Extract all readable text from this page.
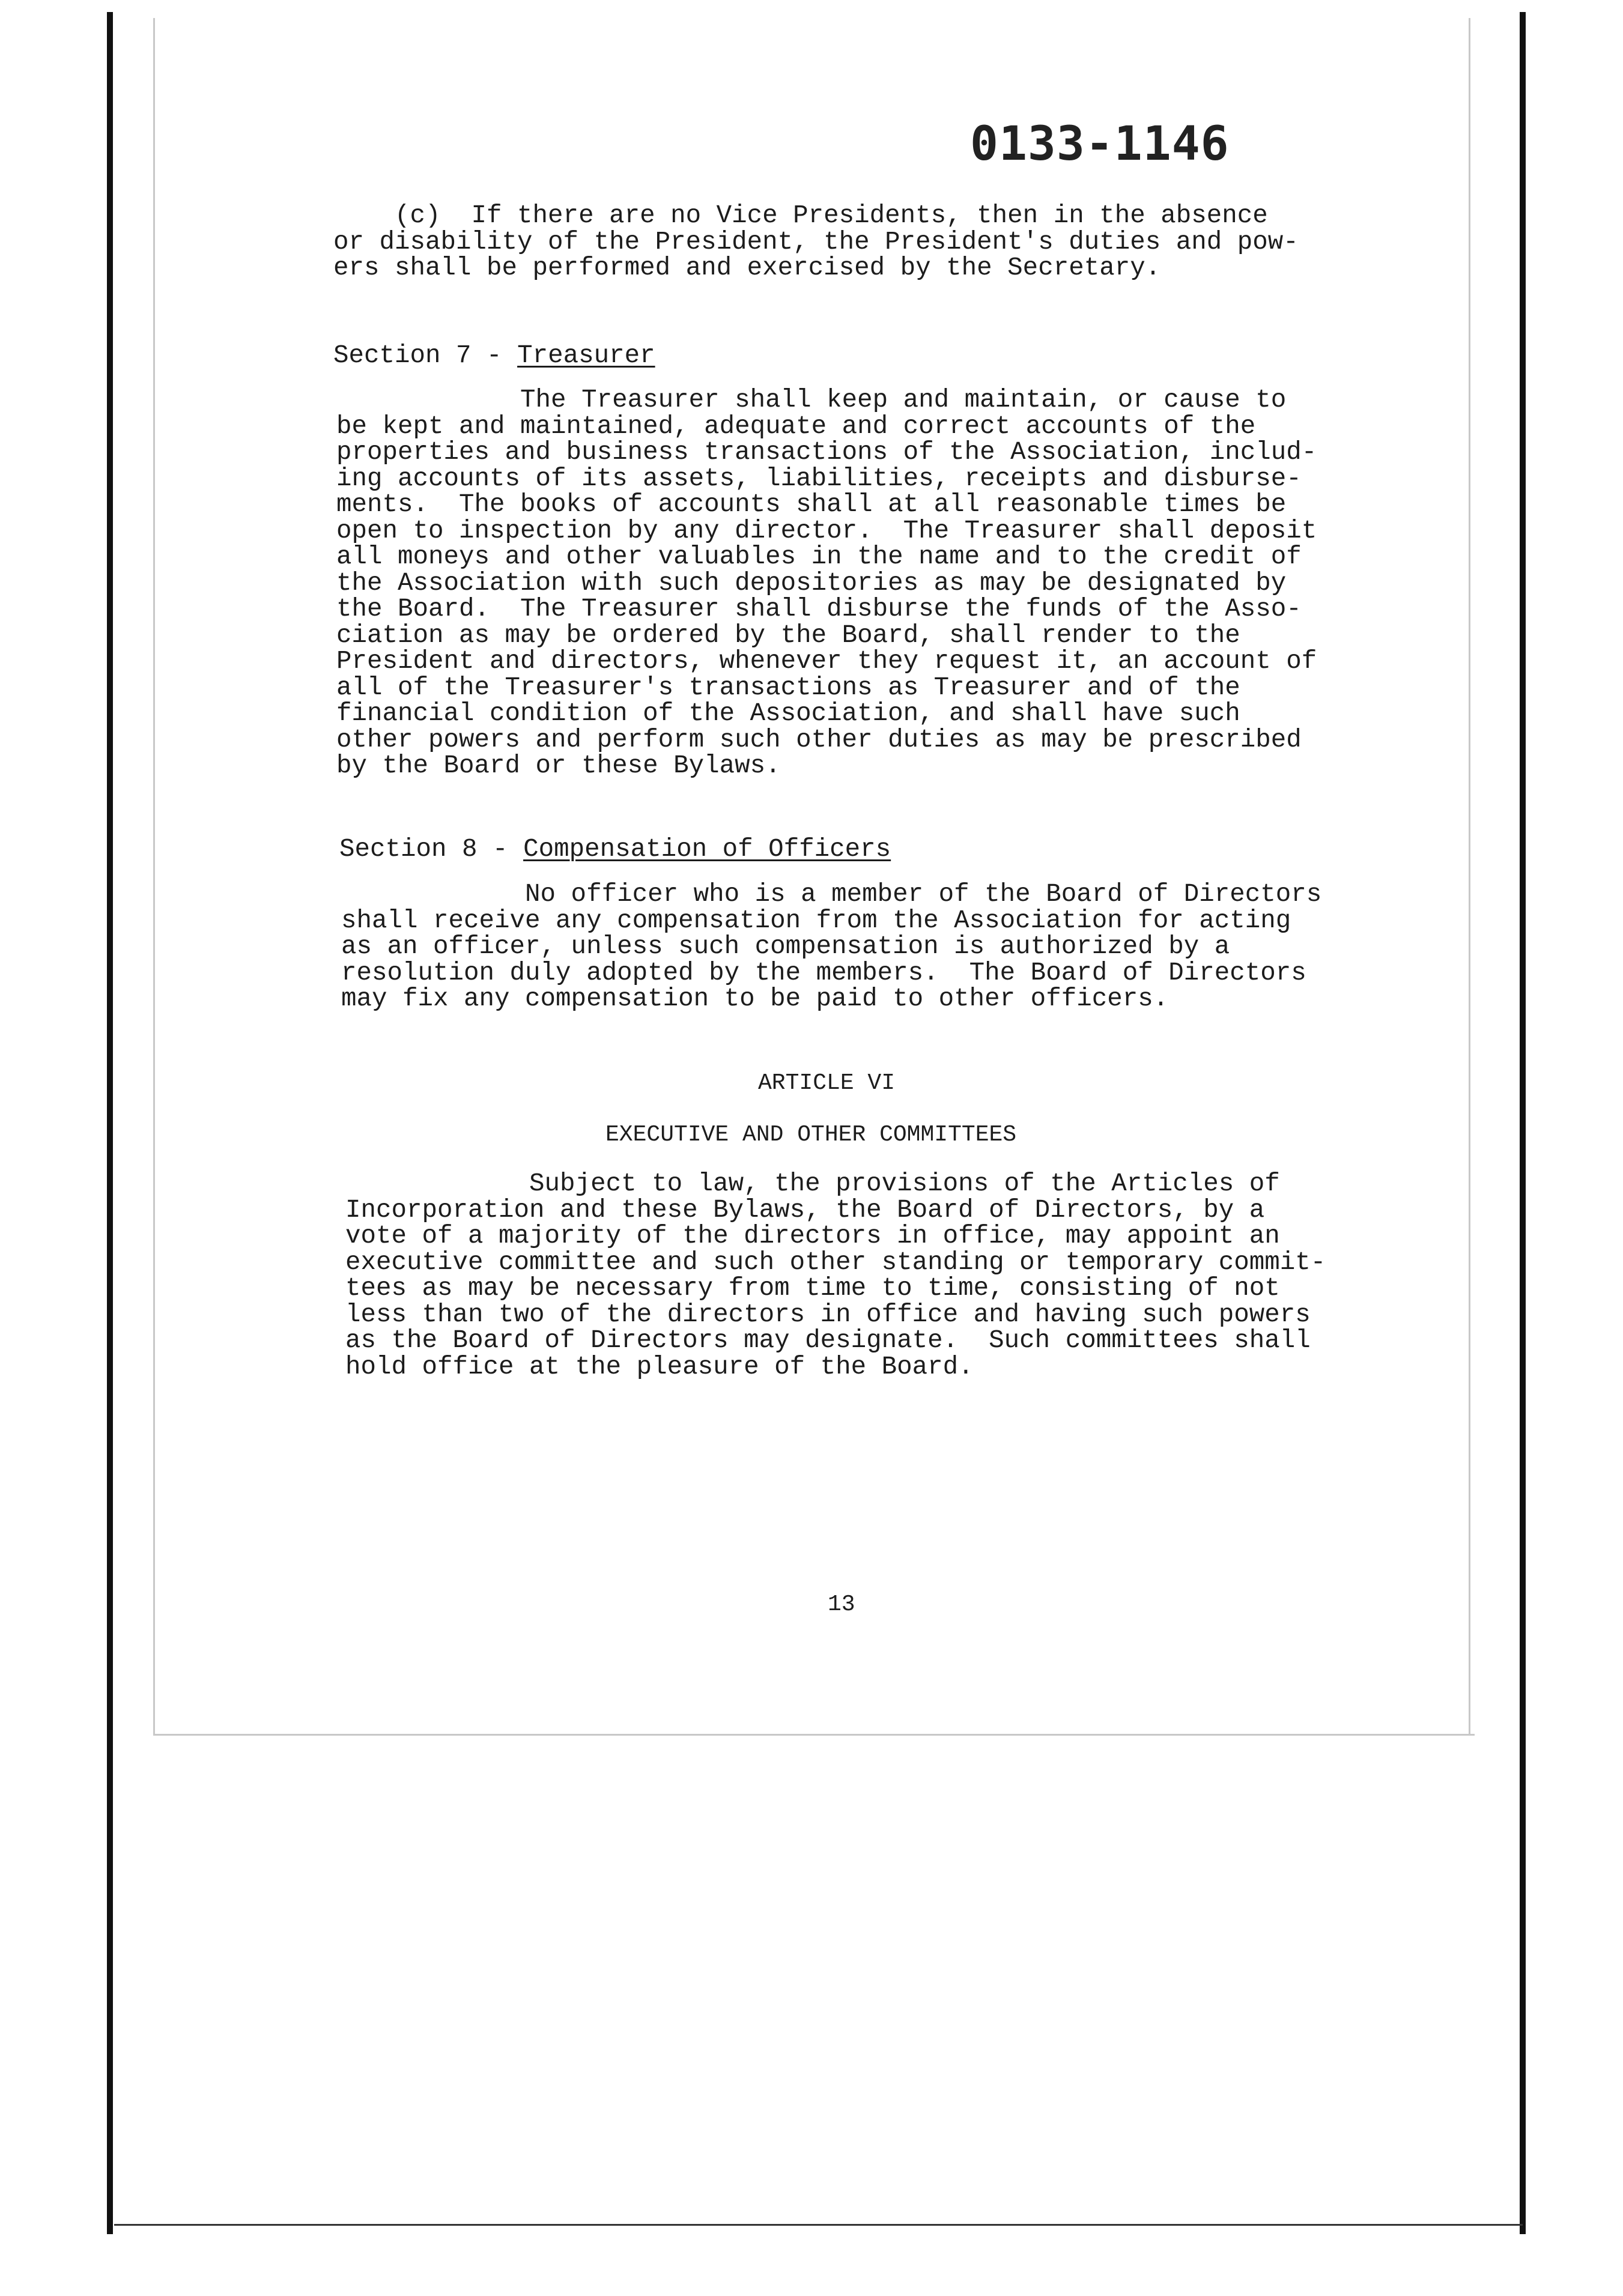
0133-1146
(c)  If there are no Vice Presidents, then in the absence
or disability of the President, the President's duties and pow-
ers shall be performed and exercised by the Secretary.
Section 7 - Treasurer
The Treasurer shall keep and maintain, or cause to
be kept and maintained, adequate and correct accounts of the
properties and business transactions of the Association, includ-
ing accounts of its assets, liabilities, receipts and disburse-
ments.  The books of accounts shall at all reasonable times be
open to inspection by any director.  The Treasurer shall deposit
all moneys and other valuables in the name and to the credit of
the Association with such depositories as may be designated by
the Board.  The Treasurer shall disburse the funds of the Asso-
ciation as may be ordered by the Board, shall render to the
President and directors, whenever they request it, an account of
all of the Treasurer's transactions as Treasurer and of the
financial condition of the Association, and shall have such
other powers and perform such other duties as may be prescribed
by the Board or these Bylaws.
Section 8 - Compensation of Officers
No officer who is a member of the Board of Directors
shall receive any compensation from the Association for acting
as an officer, unless such compensation is authorized by a
resolution duly adopted by the members.  The Board of Directors
may fix any compensation to be paid to other officers.
ARTICLE VI
EXECUTIVE AND OTHER COMMITTEES
Subject to law, the provisions of the Articles of
Incorporation and these Bylaws, the Board of Directors, by a
vote of a majority of the directors in office, may appoint an
executive committee and such other standing or temporary commit-
tees as may be necessary from time to time, consisting of not
less than two of the directors in office and having such powers
as the Board of Directors may designate.  Such committees shall
hold office at the pleasure of the Board.
13
